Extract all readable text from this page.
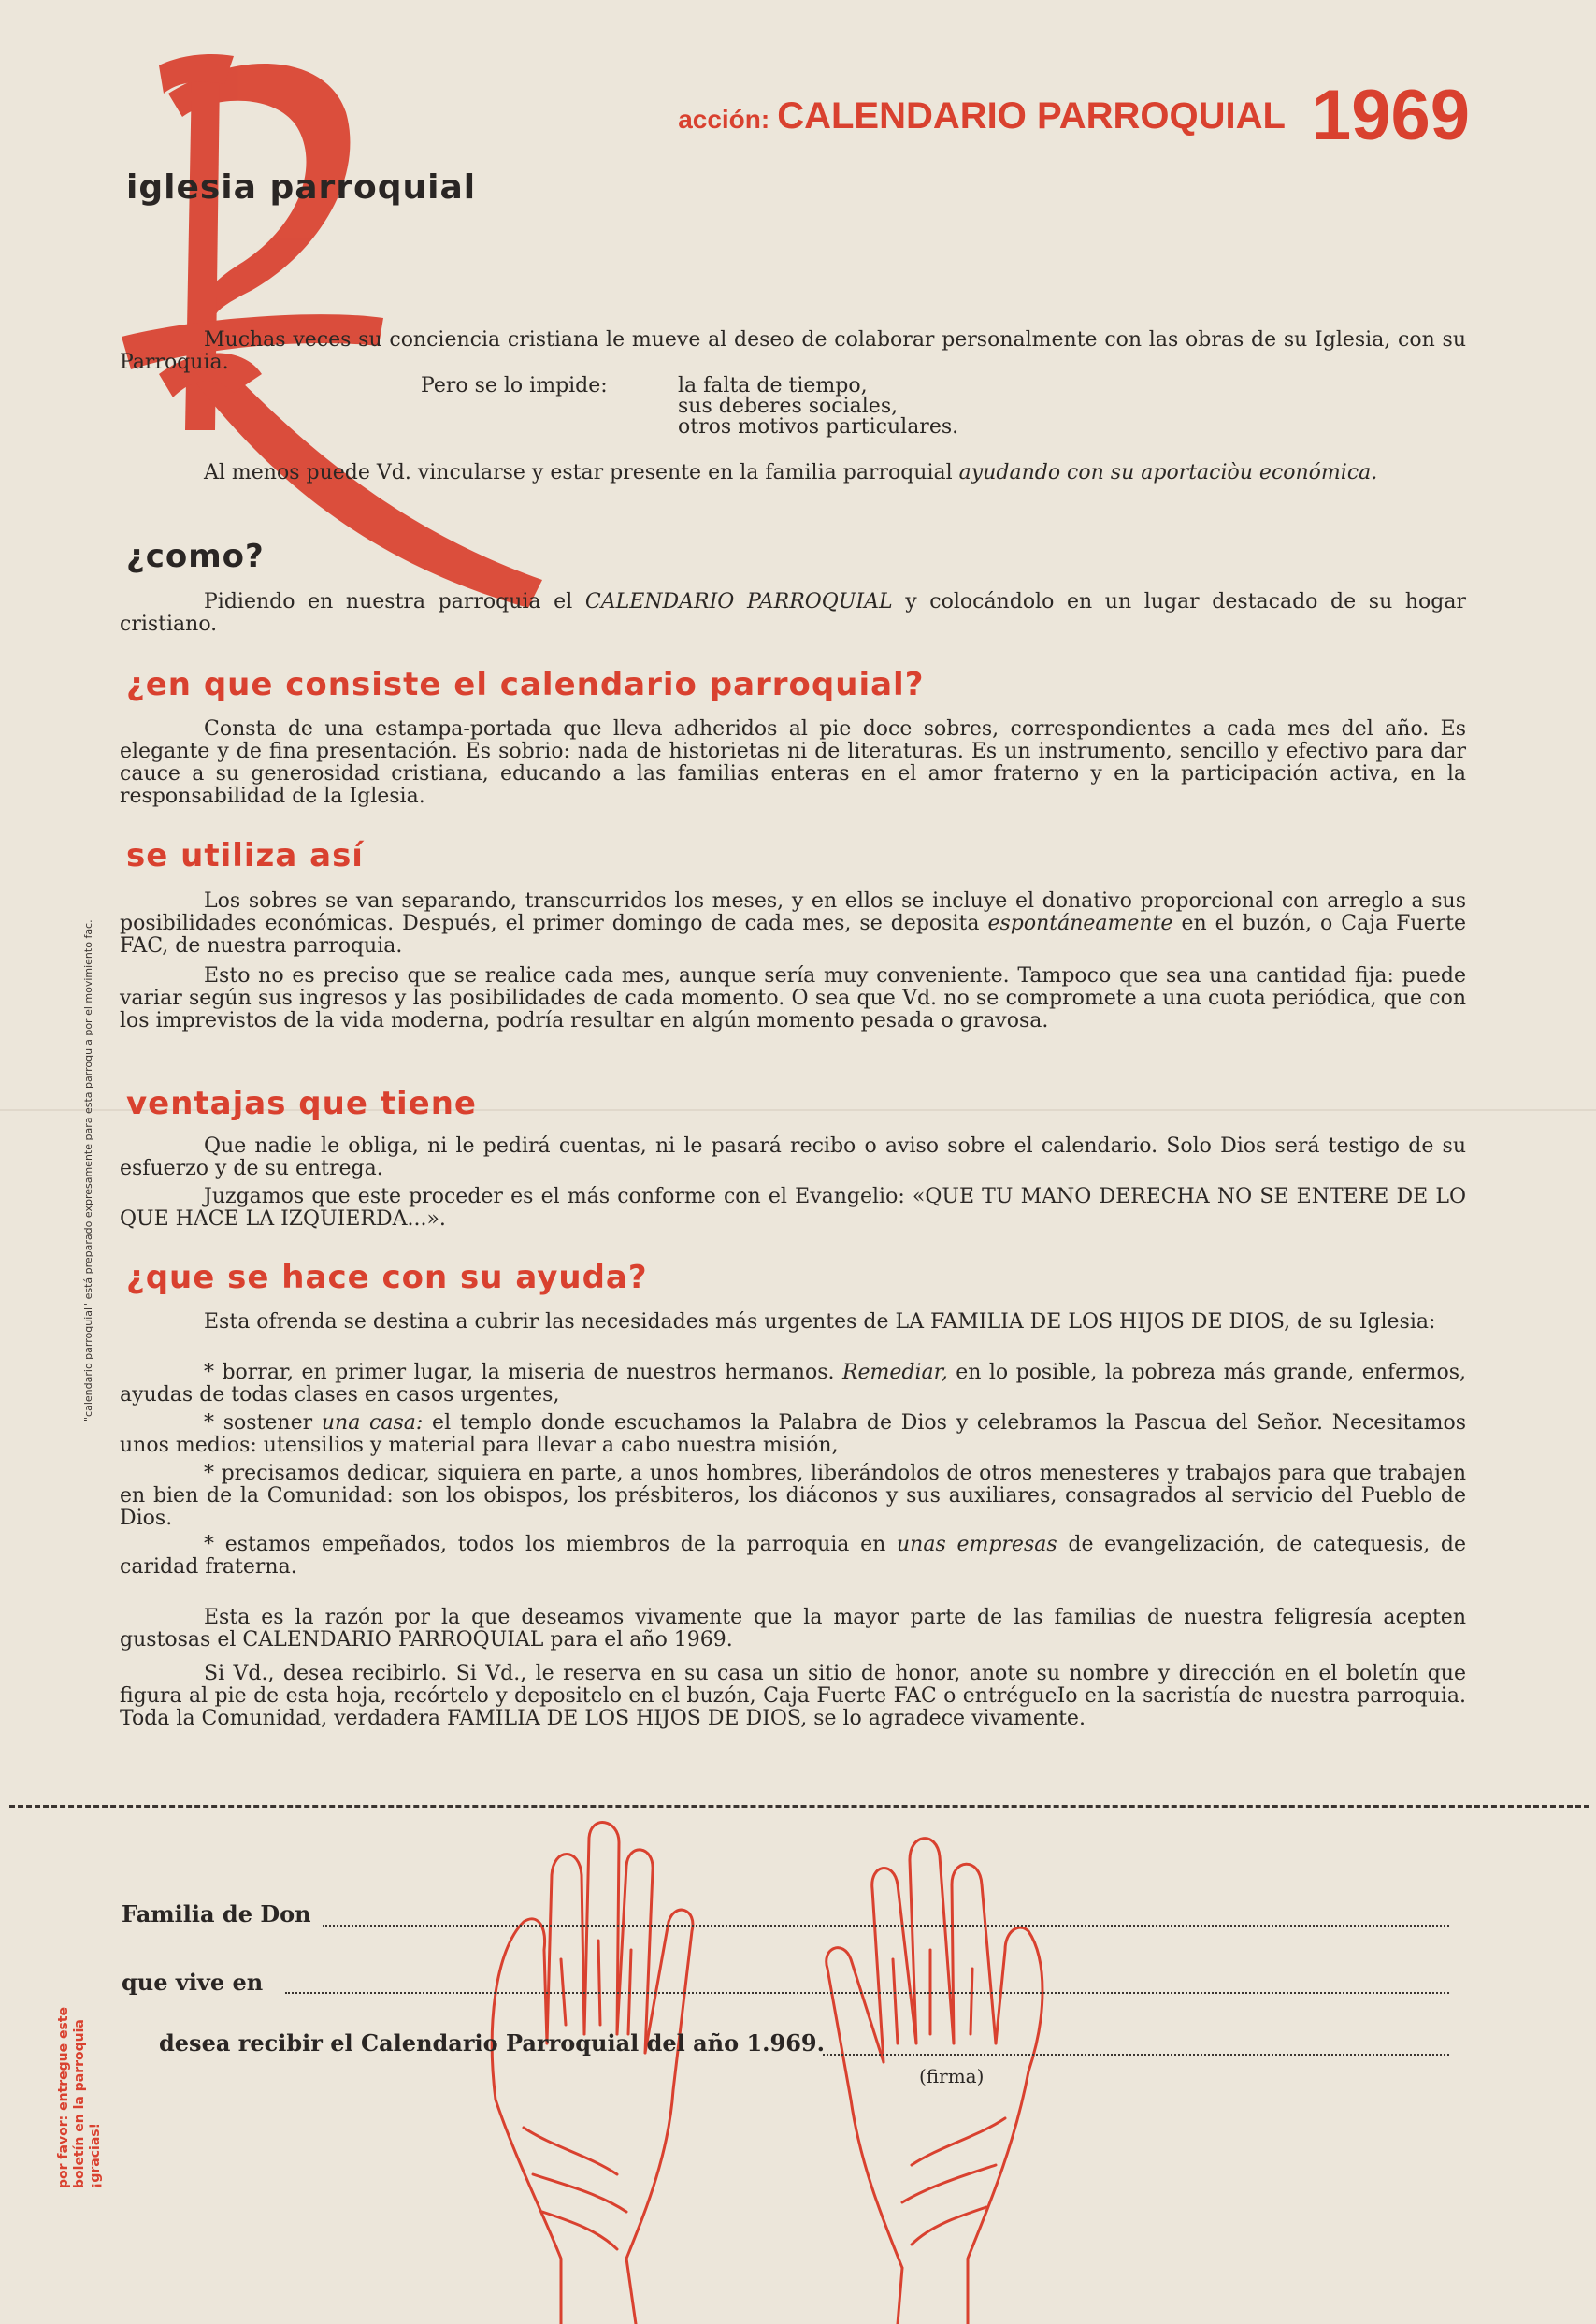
iglesia parroquial
acción: CALENDARIO PARROQUIAL 1969
Muchas veces su conciencia cristiana le mueve al deseo de colaborar personalmente con las obras de su Iglesia, con su Parroquia.
Pero se lo impide:	la falta de tiempo,
sus deberes sociales,
otros motivos particulares.
Al menos puede Vd. vincularse y estar presente en la familia parroquial ayudando con su aportaciòu económica.
¿como?
Pidiendo en nuestra parroquia el CALENDARIO PARROQUIAL y colocándolo en un lugar destacado de su hogar cristiano.
¿en que consiste el calendario parroquial?
Consta de una estampa-portada que lleva adheridos al pie doce sobres, correspondientes a cada mes del año. Es elegante y de fina presentación. Es sobrio: nada de historietas ni de literaturas. Es un instrumento, sencillo y efectivo para dar cauce a su generosidad cristiana, educando a las familias enteras en el amor fraterno y en la participación activa, en la responsabilidad de la Iglesia.
se utiliza así
Los sobres se van separando, transcurridos los meses, y en ellos se incluye el donativo proporcional con arreglo a sus posibilidades económicas. Después, el primer domingo de cada mes, se deposita espontáneamente en el buzón, o Caja Fuerte FAC, de nuestra parroquia.
Esto no es preciso que se realice cada mes, aunque sería muy conveniente. Tampoco que sea una cantidad fija: puede variar según sus ingresos y las posibilidades de cada momento. O sea que Vd. no se compromete a una cuota periódica, que con los imprevistos de la vida moderna, podría resultar en algún momento pesada o gravosa.
ventajas que tiene
Que nadie le obliga, ni le pedirá cuentas, ni le pasará recibo o aviso sobre el calendario. Solo Dios será testigo de su esfuerzo y de su entrega.
Juzgamos que este proceder es el más conforme con el Evangelio: «QUE TU MANO DERECHA NO SE ENTERE DE LO QUE HACE LA IZQUIERDA...».
¿que se hace con su ayuda?
Esta ofrenda se destina a cubrir las necesidades más urgentes de LA FAMILIA DE LOS HIJOS DE DIOS, de su Iglesia:
* borrar, en primer lugar, la miseria de nuestros hermanos. Remediar, en lo posible, la pobreza más grande, enfermos, ayudas de todas clases en casos urgentes,
* sostener una casa: el templo donde escuchamos la Palabra de Dios y celebramos la Pascua del Señor. Necesitamos unos medios: utensilios y material para llevar a cabo nuestra misión,
* precisamos dedicar, siquiera en parte, a unos hombres, liberándolos de otros menesteres y trabajos para que trabajen en bien de la Comunidad: son los obispos, los présbiteros, los diáconos y sus auxiliares, consagrados al servicio del Pueblo de Dios.
* estamos empeñados, todos los miembros de la parroquia en unas empresas de evangelización, de catequesis, de caridad fraterna.
Esta es la razón por la que deseamos vivamente que la mayor parte de las familias de nuestra feligresía acepten gustosas el CALENDARIO PARROQUIAL para el año 1969.
Si Vd., desea recibirlo. Si Vd., le reserva en su casa un sitio de honor, anote su nombre y dirección en el boletín que figura al pie de esta hoja, recórtelo y depositelo en el buzón, Caja Fuerte FAC o entrégueIo en la sacristía de nuestra parroquia. Toda la Comunidad, verdadera FAMILIA DE LOS HIJOS DE DIOS, se lo agradece vivamente.
"calendario parroquial" está preparado expresamente para esta parroquia por el movimiento fac.
por favor: entregue este boletín en la parroquia ¡gracias!
Familia de Don
que vive en
desea recibir el Calendario Parroquial del año 1.969.
(firma)
